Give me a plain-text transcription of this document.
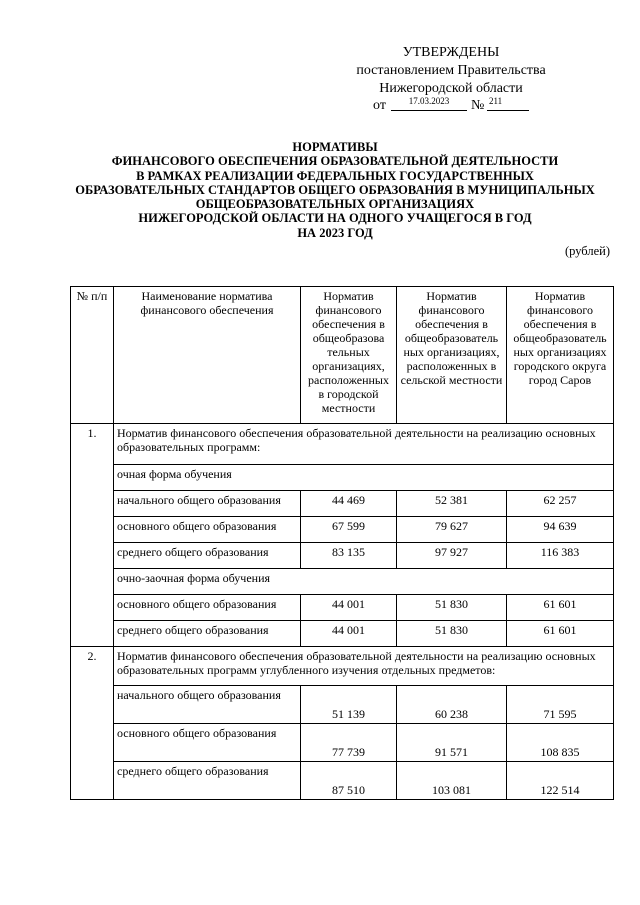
УТВЕРЖДЕНЫ
постановлением Правительства
Нижегородской области
от	17.03.2023	№ 211
НОРМАТИВЫ
ФИНАНСОВОГО ОБЕСПЕЧЕНИЯ ОБРАЗОВАТЕЛЬНОЙ ДЕЯТЕЛЬНОСТИ
В РАМКАХ РЕАЛИЗАЦИИ ФЕДЕРАЛЬНЫХ ГОСУДАРСТВЕННЫХ
ОБРАЗОВАТЕЛЬНЫХ СТАНДАРТОВ ОБЩЕГО ОБРАЗОВАНИЯ В МУНИЦИПАЛЬНЫХ
ОБЩЕОБРАЗОВАТЕЛЬНЫХ ОРГАНИЗАЦИЯХ
НИЖЕГОРОДСКОЙ ОБЛАСТИ НА ОДНОГО УЧАЩЕГОСЯ В ГОД
НА 2023 ГОД
(рублей)
№ п/п	Наименование норматива финансового обеспечения	Норматив финансового обеспечения в общеобразова тельных организациях, расположенных в городской местности	Норматив финансового обеспечения в общеобразователь ных организациях, расположенных в сельской местности	Норматив финансового обеспечения в общеобразователь ных организациях городского округа город Саров
1.	Норматив финансового обеспечения образовательной деятельности на реализацию основных образовательных программ:			
	очная форма обучения			
	начального общего образования	44 469	52 381	62 257
	основного общего образования	67 599	79 627	94 639
	среднего общего образования	83 135	97 927	116 383
	очно-заочная форма обучения			
	основного общего образования	44 001	51 830	61 601
	среднего общего образования	44 001	51 830	61 601
2.	Норматив финансового обеспечения образовательной деятельности на реализацию основных образовательных программ углубленного изучения отдельных предметов:			
	начального общего образования	51 139	60 238	71 595
	основного общего образования	77 739	91 571	108 835
	среднего общего образования	87 510	103 081	122 514
